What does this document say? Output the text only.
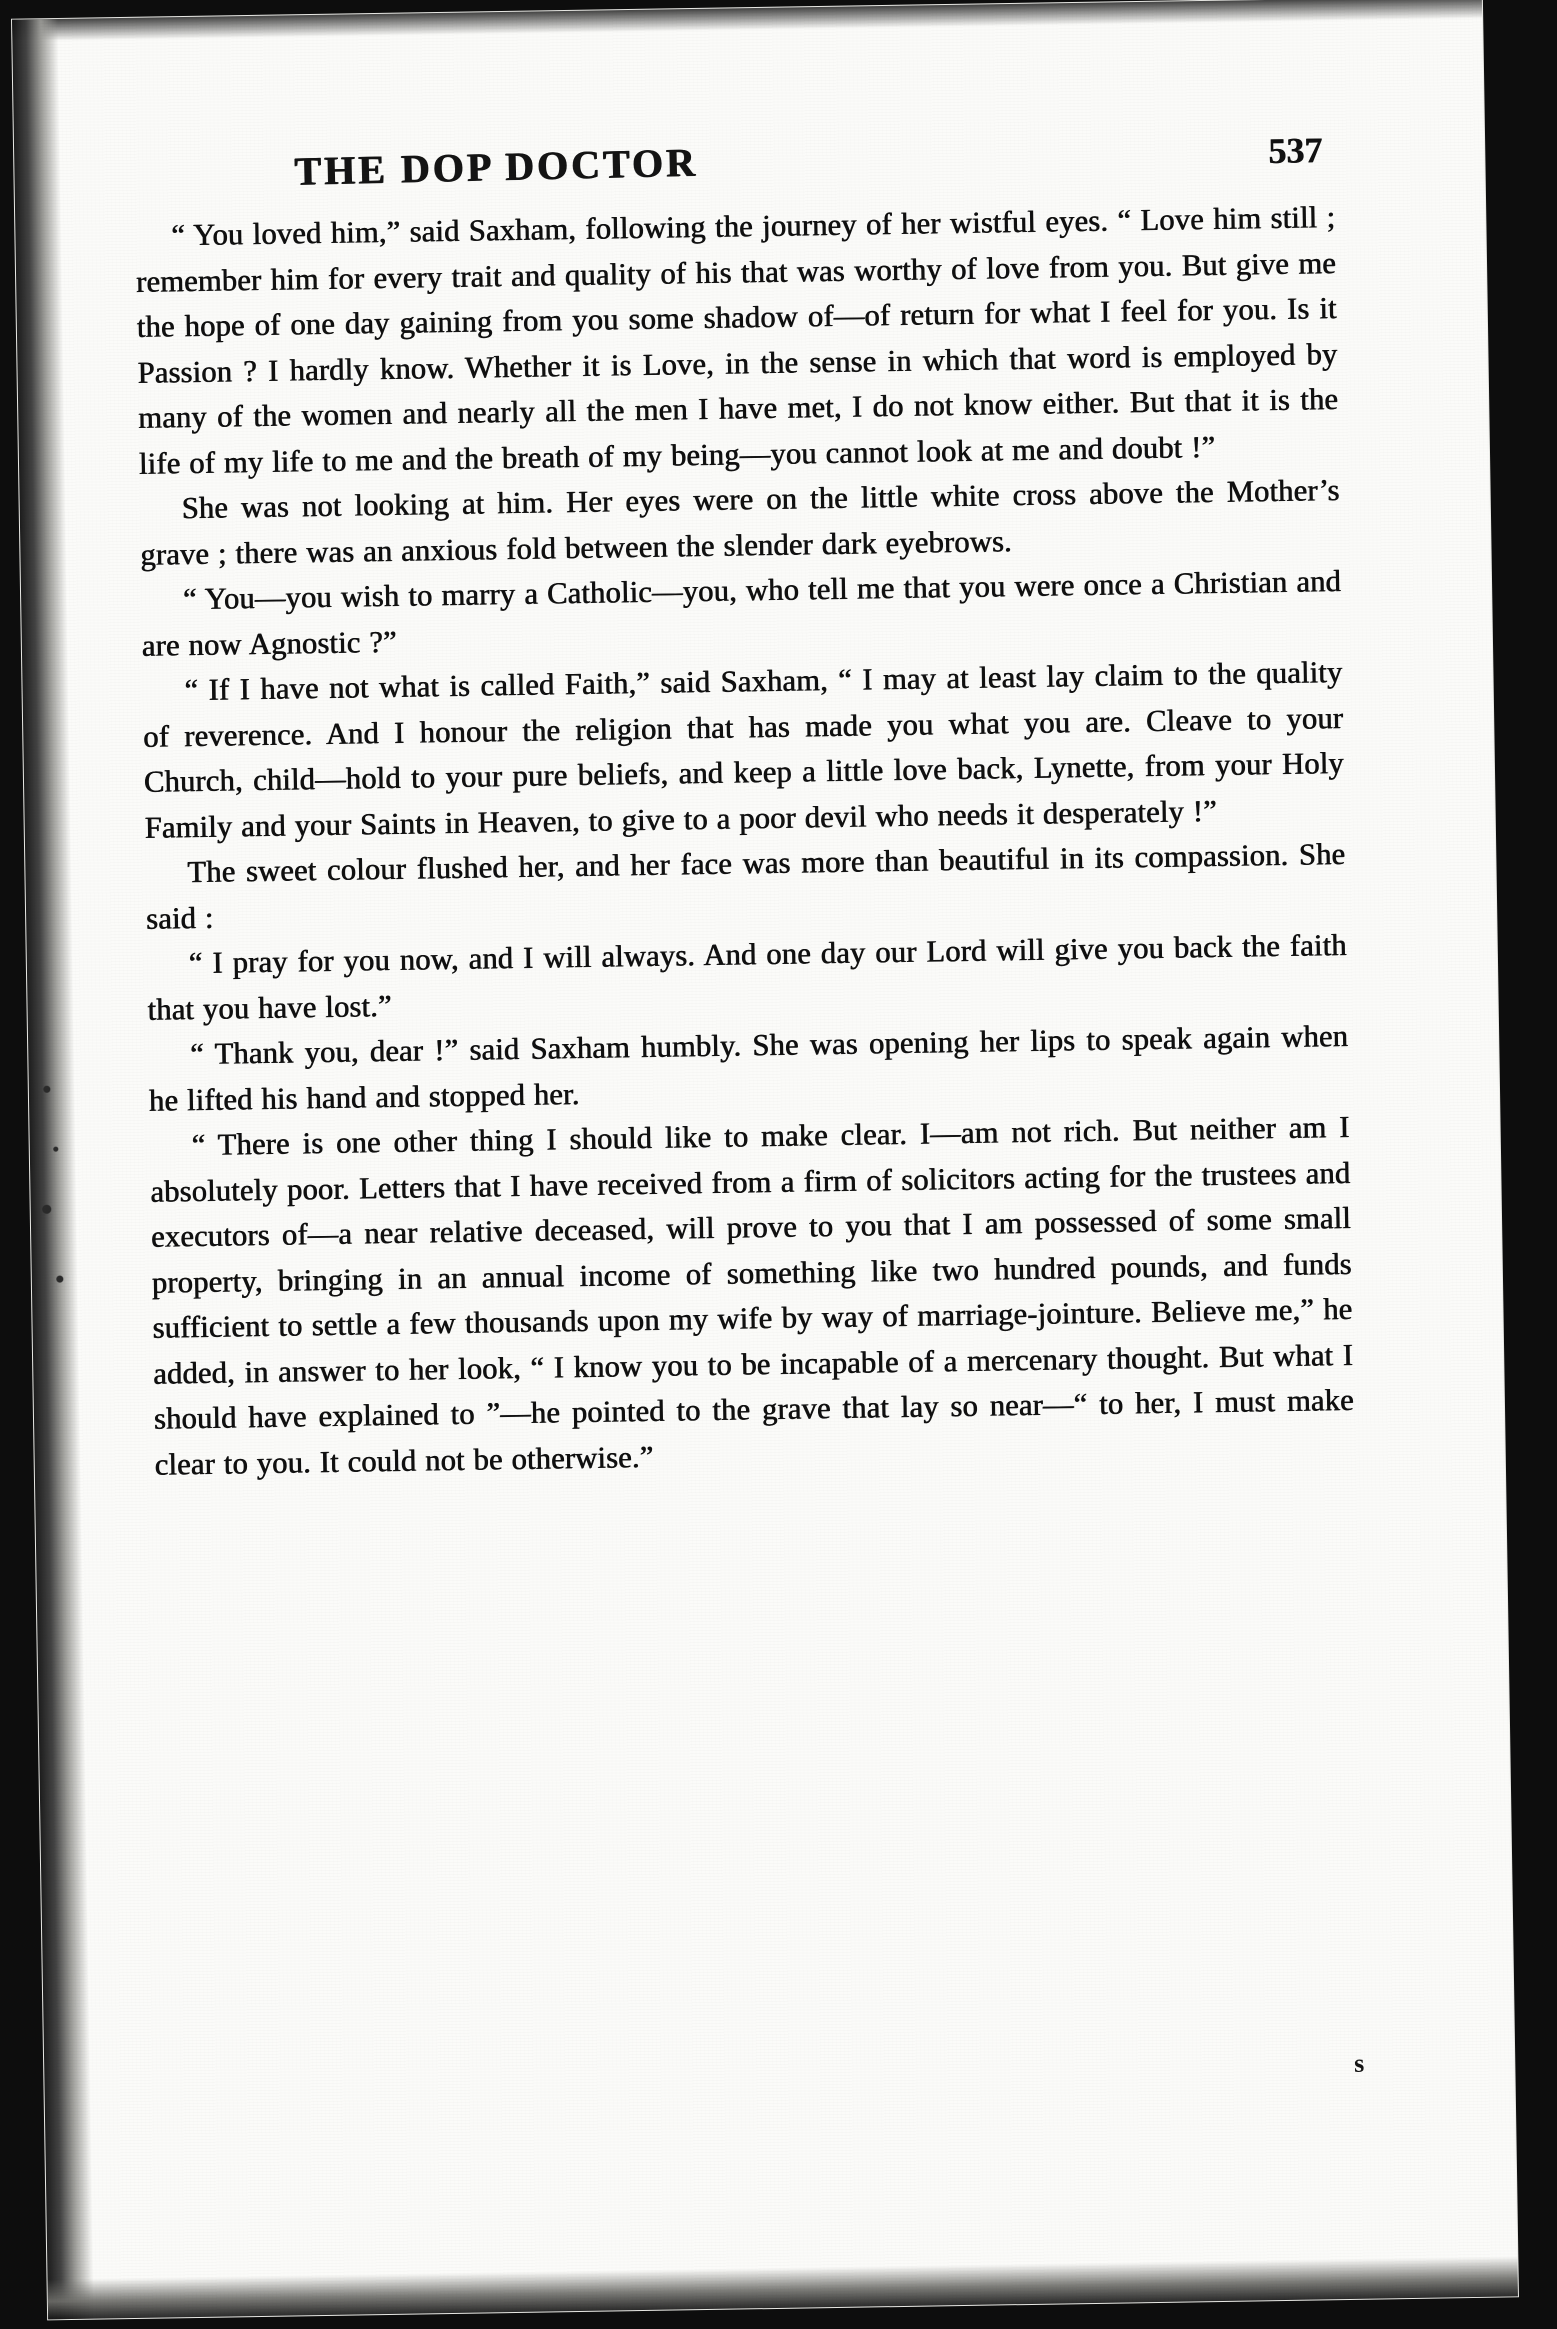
THE DOP DOCTOR	537

“ You loved him,” said Saxham, following the journey of her wistful eyes. “ Love him still ; remember him for every trait and quality of his that was worthy of love from you. But give me the hope of one day gaining from you some shadow of—of return for what I feel for you. Is it Passion ? I hardly know. Whether it is Love, in the sense in which that word is employed by many of the women and nearly all the men I have met, I do not know either. But that it is the life of my life to me and the breath of my being—you cannot look at me and doubt !”

She was not looking at him. Her eyes were on the little white cross above the Mother’s grave ; there was an anxious fold between the slender dark eyebrows.

“ You—you wish to marry a Catholic—you, who tell me that you were once a Christian and are now Agnostic ?”

“ If I have not what is called Faith,” said Saxham, “ I may at least lay claim to the quality of reverence. And I honour the religion that has made you what you are. Cleave to your Church, child—hold to your pure beliefs, and keep a little love back, Lynette, from your Holy Family and your Saints in Heaven, to give to a poor devil who needs it desperately !”

The sweet colour flushed her, and her face was more than beautiful in its compassion. She said :

“ I pray for you now, and I will always. And one day our Lord will give you back the faith that you have lost.”

“ Thank you, dear !” said Saxham humbly. She was opening her lips to speak again when he lifted his hand and stopped her.

“ There is one other thing I should like to make clear. I—am not rich. But neither am I absolutely poor. Letters that I have received from a firm of solicitors acting for the trustees and executors of—a near relative deceased, will prove to you that I am possessed of some small property, bringing in an annual income of something like two hundred pounds, and funds sufficient to settle a few thousands upon my wife by way of marriage-jointure. Believe me,” he added, in answer to her look, “ I know you to be incapable of a mercenary thought. But what I should have explained to ”—he pointed to the grave that lay so near—“ to her, I must make clear to you. It could not be otherwise.”

s
